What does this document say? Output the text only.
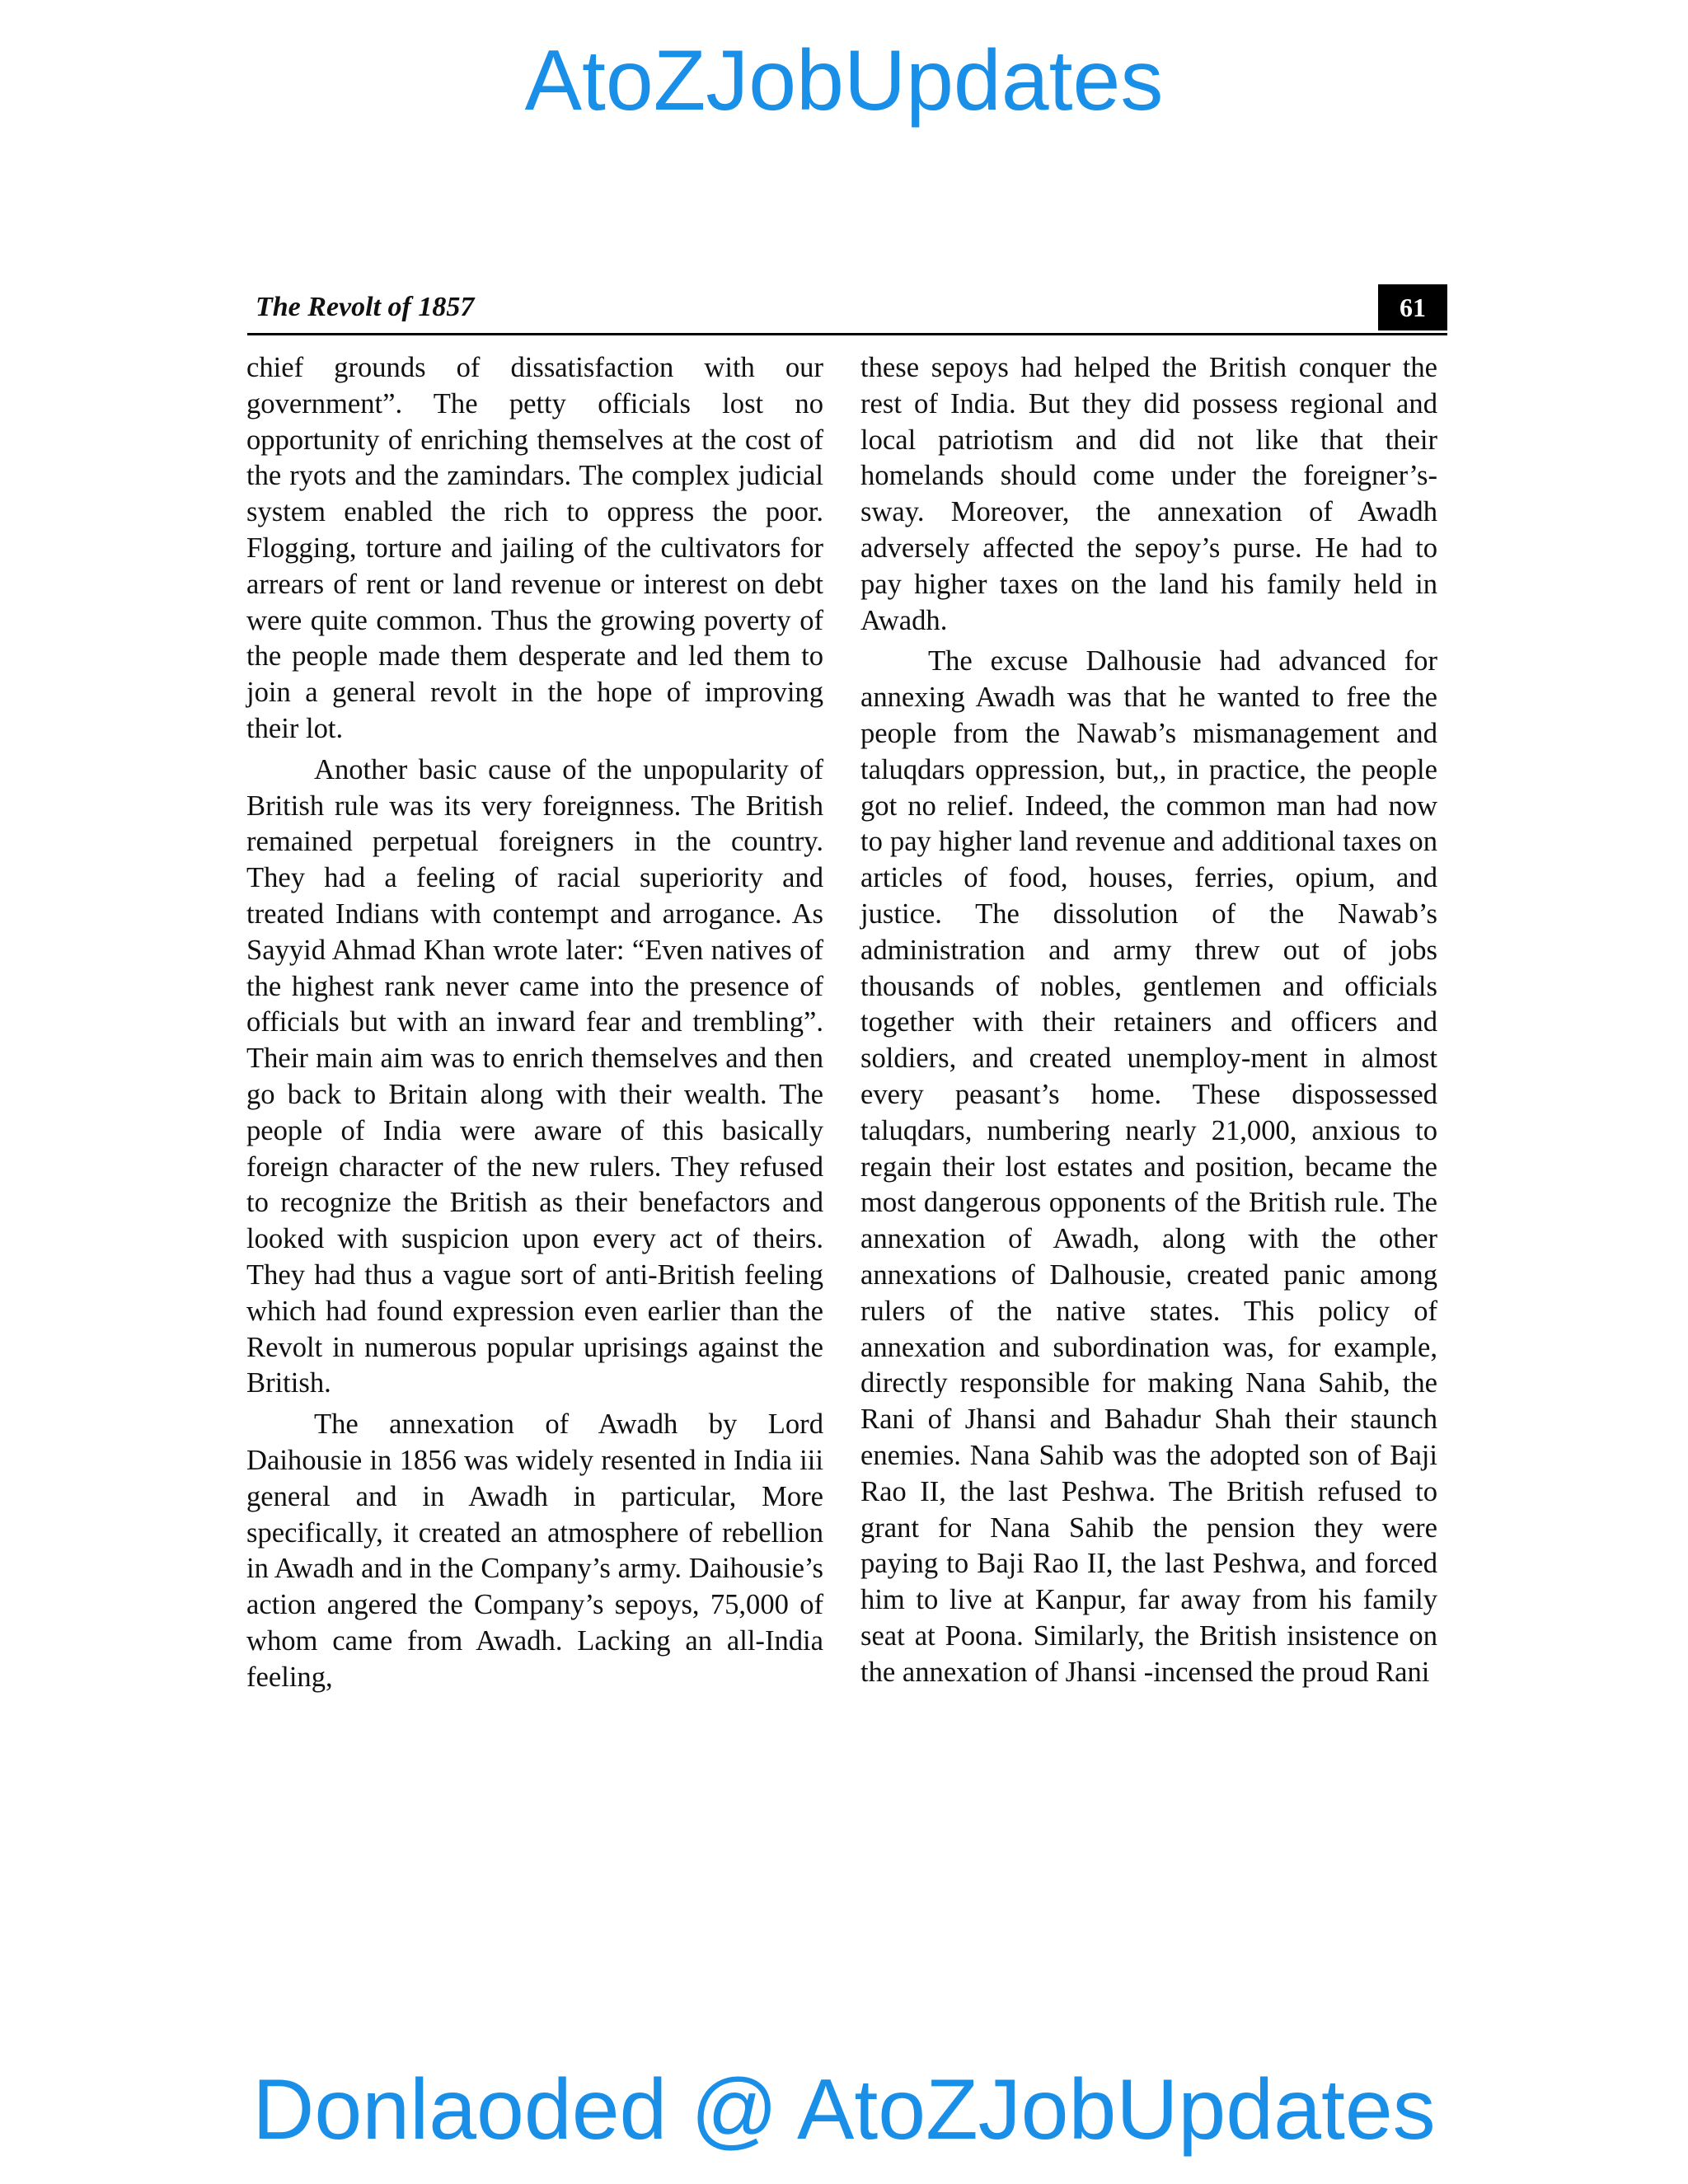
AtoZJobUpdates
The Revolt of 1857	61

chief grounds of dissatisfaction with our government”. The petty officials lost no opportunity of enriching themselves at the cost of the ryots and the zamindars. The complex judicial system enabled the rich to oppress the poor. Flogging, torture and jailing of the cultivators for arrears of rent or land revenue or interest on debt were quite common. Thus the growing poverty of the people made them desperate and led them to join a general revolt in the hope of improving their lot.

Another basic cause of the unpopularity of British rule was its very foreignness. The British remained perpetual foreigners in the country. They had a feeling of racial superiority and treated Indians with contempt and arrogance. As Sayyid Ahmad Khan wrote later: “Even natives of the highest rank never came into the presence of officials but with an inward fear and trembling”. Their main aim was to enrich themselves and then go back to Britain along with their wealth. The people of India were aware of this basically foreign character of the new rulers. They refused to recognize the British as their benefactors and looked with suspicion upon every act of theirs. They had thus a vague sort of anti-British feeling which had found expression even earlier than the Revolt in numerous popular uprisings against the British.

The annexation of Awadh by Lord Daihousie in 1856 was widely resented in India iii general and in Awadh in particular, More specifically, it created an atmosphere of rebellion in Awadh and in the Company’s army. Daihousie’s action angered the Company’s sepoys, 75,000 of whom came from Awadh. Lacking an all-India feeling,

these sepoys had helped the British conquer the rest of India. But they did possess regional and local patriotism and did not like that their homelands should come under the foreigner’s- sway. Moreover, the annexation of Awadh adversely affected the sepoy’s purse. He had to pay higher taxes on the land his family held in Awadh.

The excuse Dalhousie had advanced for annexing Awadh was that he wanted to free the people from the Nawab’s mismanagement and taluqdars oppression, but,, in practice, the people got no relief. Indeed, the common man had now to pay higher land revenue and additional taxes on articles of food, houses, ferries, opium, and justice. The dissolution of the Nawab’s administration and army threw out of jobs thousands of nobles, gentlemen and officials together with their retainers and officers and soldiers, and created unemploy-ment in almost every peasant’s home. These dispossessed taluqdars, numbering nearly 21,000, anxious to regain their lost estates and position, became the most dangerous opponents of the British rule. The annexation of Awadh, along with the other annexations of Dalhousie, created panic among rulers of the native states. This policy of annexation and subordination was, for example, directly responsible for making Nana Sahib, the Rani of Jhansi and Bahadur Shah their staunch enemies. Nana Sahib was the adopted son of Baji Rao II, the last Peshwa. The British refused to grant for Nana Sahib the pension they were paying to Baji Rao II, the last Peshwa, and forced him to live at Kanpur, far away from his family seat at Poona. Similarly, the British insistence on the annexation of Jhansi -incensed the proud Rani

Donlaoded @ AtoZJobUpdates
